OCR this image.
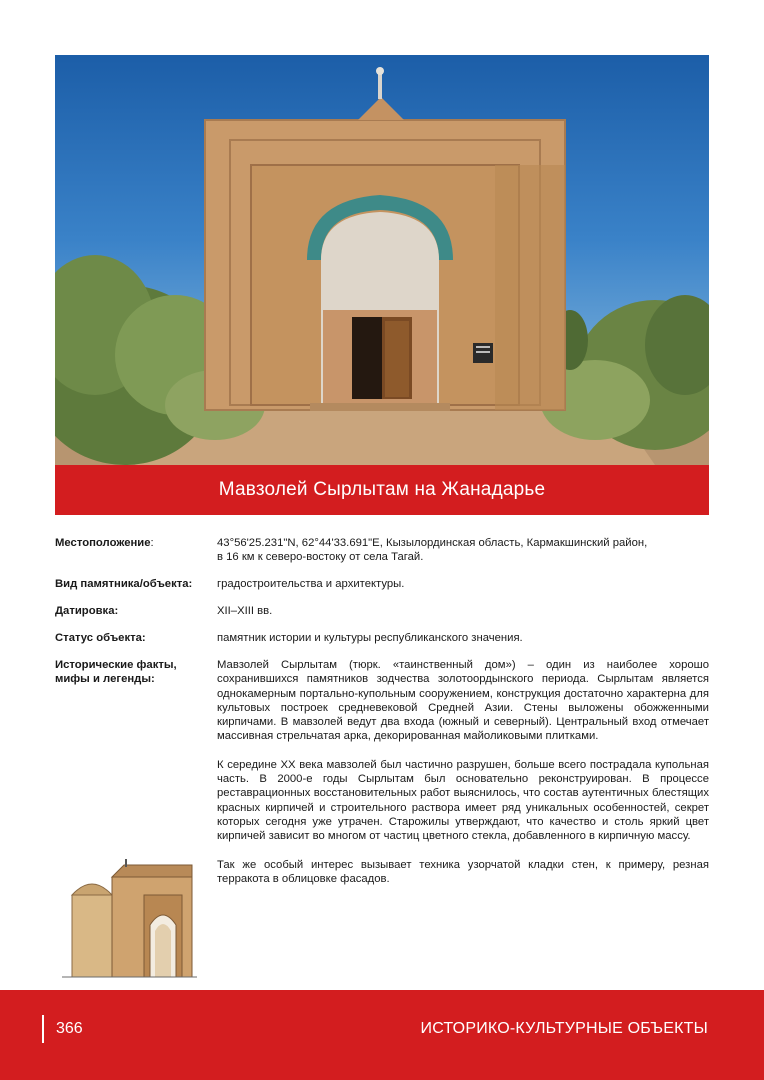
Мавзолей Сырлытам на Жанадарье
Местоположение:	43°56'25.231"N, 62°44'33.691"E, Кызылординская область, Кармакшинский район,
в 16 км к северо-востоку от села Тагай.
Вид памятника/объекта:	градостроительства и архитектуры.
Датировка:	XII–XIII вв.
Статус объекта:	памятник истории и культуры республиканского значения.
Исторические факты,
мифы и легенды:

Мавзолей Сырлытам (тюрк. «таинственный дом») – один из наиболее хорошо сохранившихся памятников зодчества золотоордынского периода. Сырлытам является однокамерным портально-купольным сооружением, конструкция достаточно характерна для культовых построек средневековой Средней Азии. Стены выложены обожженными кирпичами. В мавзолей ведут два входа (южный и северный). Центральный вход отмечает массивная стрельчатая арка, декорированная майоликовыми плитками.

К середине XX века мавзолей был частично разрушен, больше всего пострадала купольная часть. В 2000-е годы Сырлытам был основательно реконструирован. В процессе реставрационных восстановительных работ выяснилось, что состав аутентичных блестящих красных кирпичей и строительного раствора имеет ряд уникальных особенностей, секрет которых сегодня уже утрачен. Старожилы утверждают, что качество и столь яркий цвет кирпичей зависит во многом от частиц цветного стекла, добавленного в кирпичную массу.

Так же особый интерес вызывает техника узорчатой кладки стен, к примеру, резная терракота в облицовке фасадов.

366	ИСТОРИКО-КУЛЬТУРНЫЕ ОБЪЕКТЫ
